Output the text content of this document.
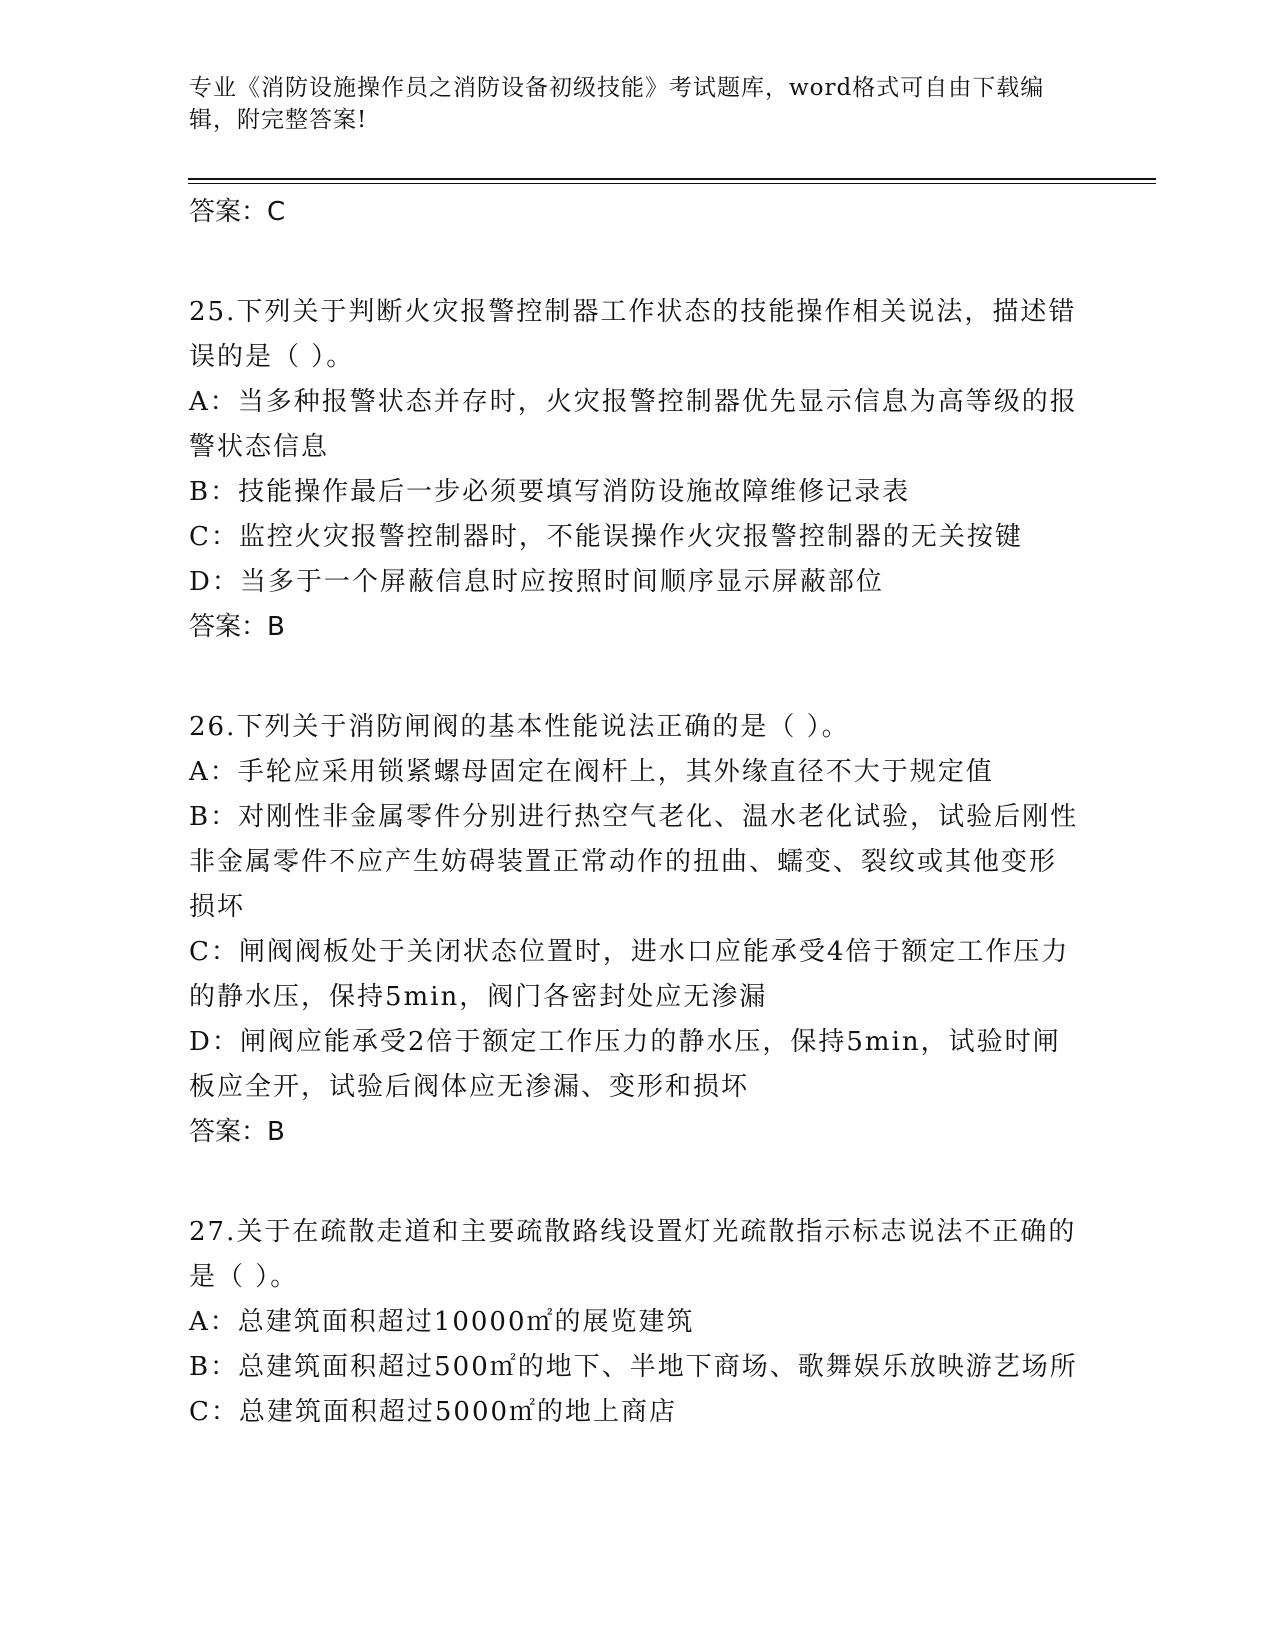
专业《消防设施操作员之消防设备初级技能》考试题库，word格式可自由下载编辑，附完整答案!

答案：C

25.下列关于判断火灾报警控制器工作状态的技能操作相关说法，描述错误的是（ ）。

A：当多种报警状态并存时，火灾报警控制器优先显示信息为高等级的报警状态信息

B：技能操作最后一步必须要填写消防设施故障维修记录表

C：监控火灾报警控制器时，不能误操作火灾报警控制器的无关按键

D：当多于一个屏蔽信息时应按照时间顺序显示屏蔽部位

答案：B

26.下列关于消防闸阀的基本性能说法正确的是（ ）。

A：手轮应采用锁紧螺母固定在阀杆上，其外缘直径不大于规定值

B：对刚性非金属零件分别进行热空气老化、温水老化试验，试验后刚性非金属零件不应产生妨碍装置正常动作的扭曲、蠕变、裂纹或其他变形损坏

C：闸阀阀板处于关闭状态位置时，进水口应能承受4倍于额定工作压力的静水压，保持5min，阀门各密封处应无渗漏

D：闸阀应能承受2倍于额定工作压力的静水压，保持5min，试验时闸板应全开，试验后阀体应无渗漏、变形和损坏

答案：B

27.关于在疏散走道和主要疏散路线设置灯光疏散指示标志说法不正确的是（ ）。

A：总建筑面积超过10000㎡的展览建筑

B：总建筑面积超过500㎡的地下、半地下商场、歌舞娱乐放映游艺场所

C：总建筑面积超过5000㎡的地上商店
